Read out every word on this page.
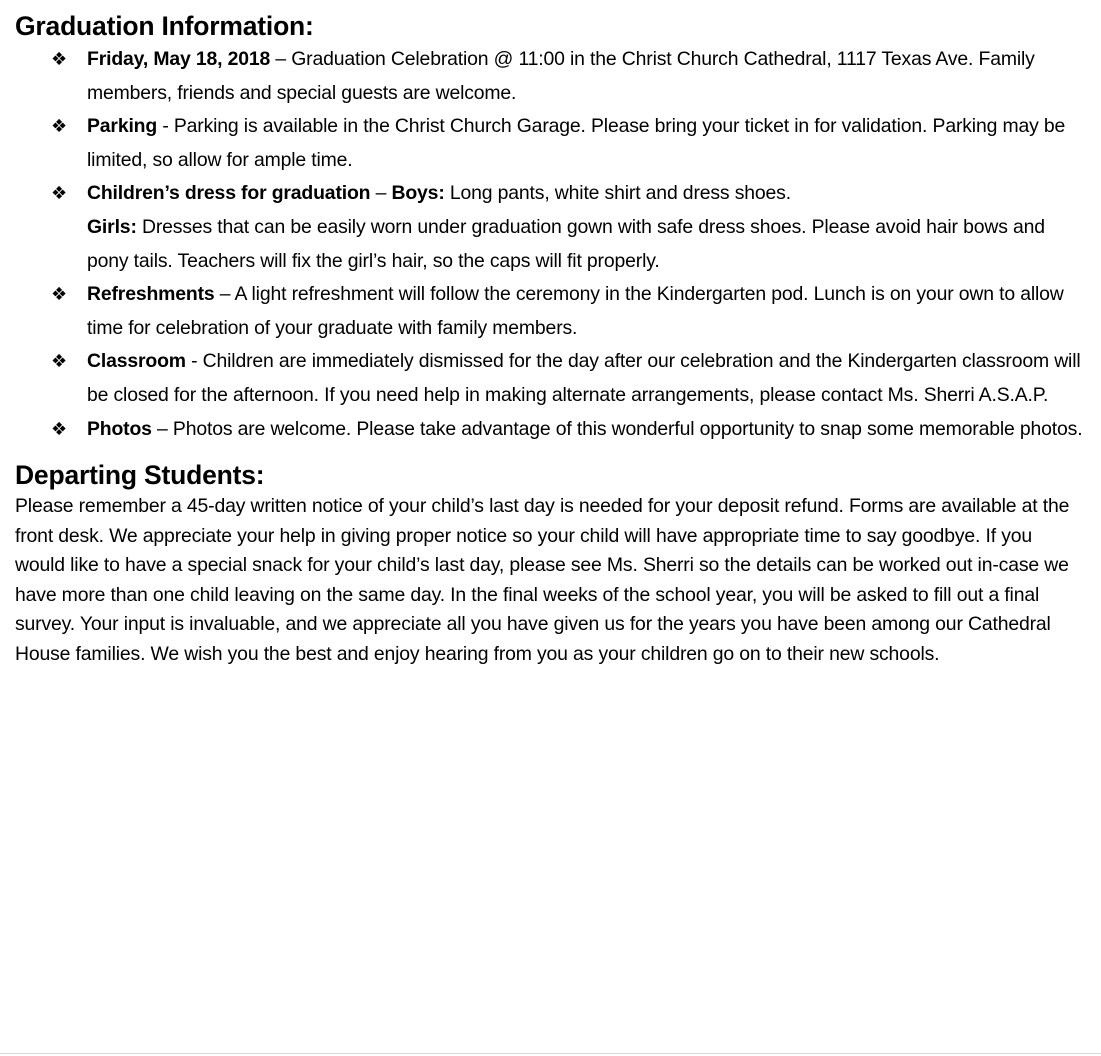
Graduation Information:
❖ Friday, May 18, 2018 – Graduation Celebration @ 11:00 in the Christ Church Cathedral, 1117 Texas Ave. Family members, friends and special guests are welcome.
❖ Parking - Parking is available in the Christ Church Garage. Please bring your ticket in for validation. Parking may be limited, so allow for ample time.
❖ Children’s dress for graduation – Boys: Long pants, white shirt and dress shoes.
Girls: Dresses that can be easily worn under graduation gown with safe dress shoes. Please avoid hair bows and pony tails. Teachers will fix the girl’s hair, so the caps will fit properly.
❖ Refreshments – A light refreshment will follow the ceremony in the Kindergarten pod. Lunch is on your own to allow time for celebration of your graduate with family members.
❖ Classroom - Children are immediately dismissed for the day after our celebration and the Kindergarten classroom will be closed for the afternoon. If you need help in making alternate arrangements, please contact Ms. Sherri A.S.A.P.
❖ Photos – Photos are welcome. Please take advantage of this wonderful opportunity to snap some memorable photos.
Departing Students:

Please remember a 45-day written notice of your child’s last day is needed for your deposit refund. Forms are available at the front desk. We appreciate your help in giving proper notice so your child will have appropriate time to say goodbye. If you would like to have a special snack for your child’s last day, please see Ms. Sherri so the details can be worked out in-case we have more than one child leaving on the same day. In the final weeks of the school year, you will be asked to fill out a final survey. Your input is invaluable, and we appreciate all you have given us for the years you have been among our Cathedral House families. We wish you the best and enjoy hearing from you as your children go on to their new schools.
